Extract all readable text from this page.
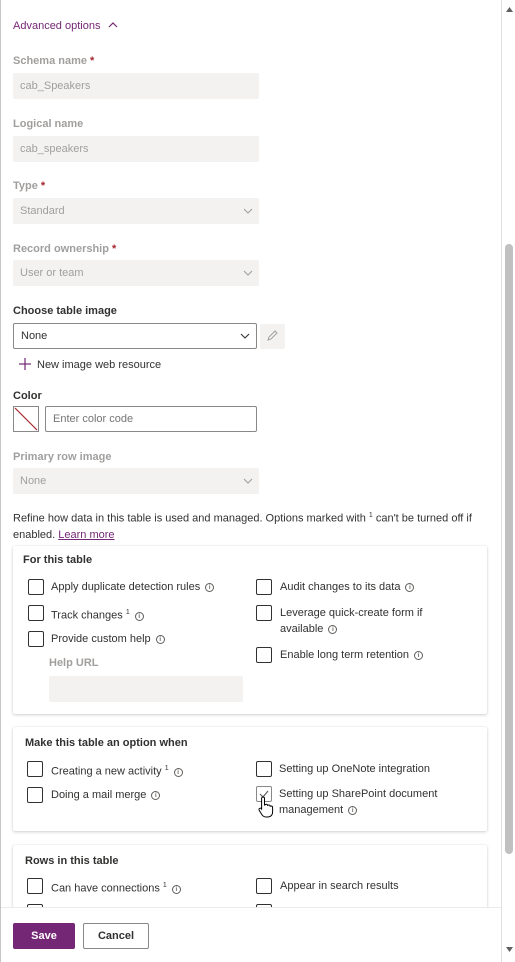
Advanced options
Schema name *
cab_Speakers
Logical name
cab_speakers
Type *
Standard
Record ownership *
User or team
Choose table image
None
New image web resource
Color
Enter color code
Primary row image
None
Refine how data in this table is used and managed. Options marked with $^1$ can't be turned off if enabled. Learn more
For this table
Apply duplicate detection rules i
Track changes $^1$i
Provide custom help i
Help URL
Audit changes to its data i
Leverage quick-create form if
available i
Enable long term retention i
Make this table an option when
Creating a new activity $^1$i
Doing a mail merge i
Setting up OneNote integration
Setting up SharePoint document
management i
Rows in this table
Can have connections $^1$i	Appear in search results
Save	Cancel
